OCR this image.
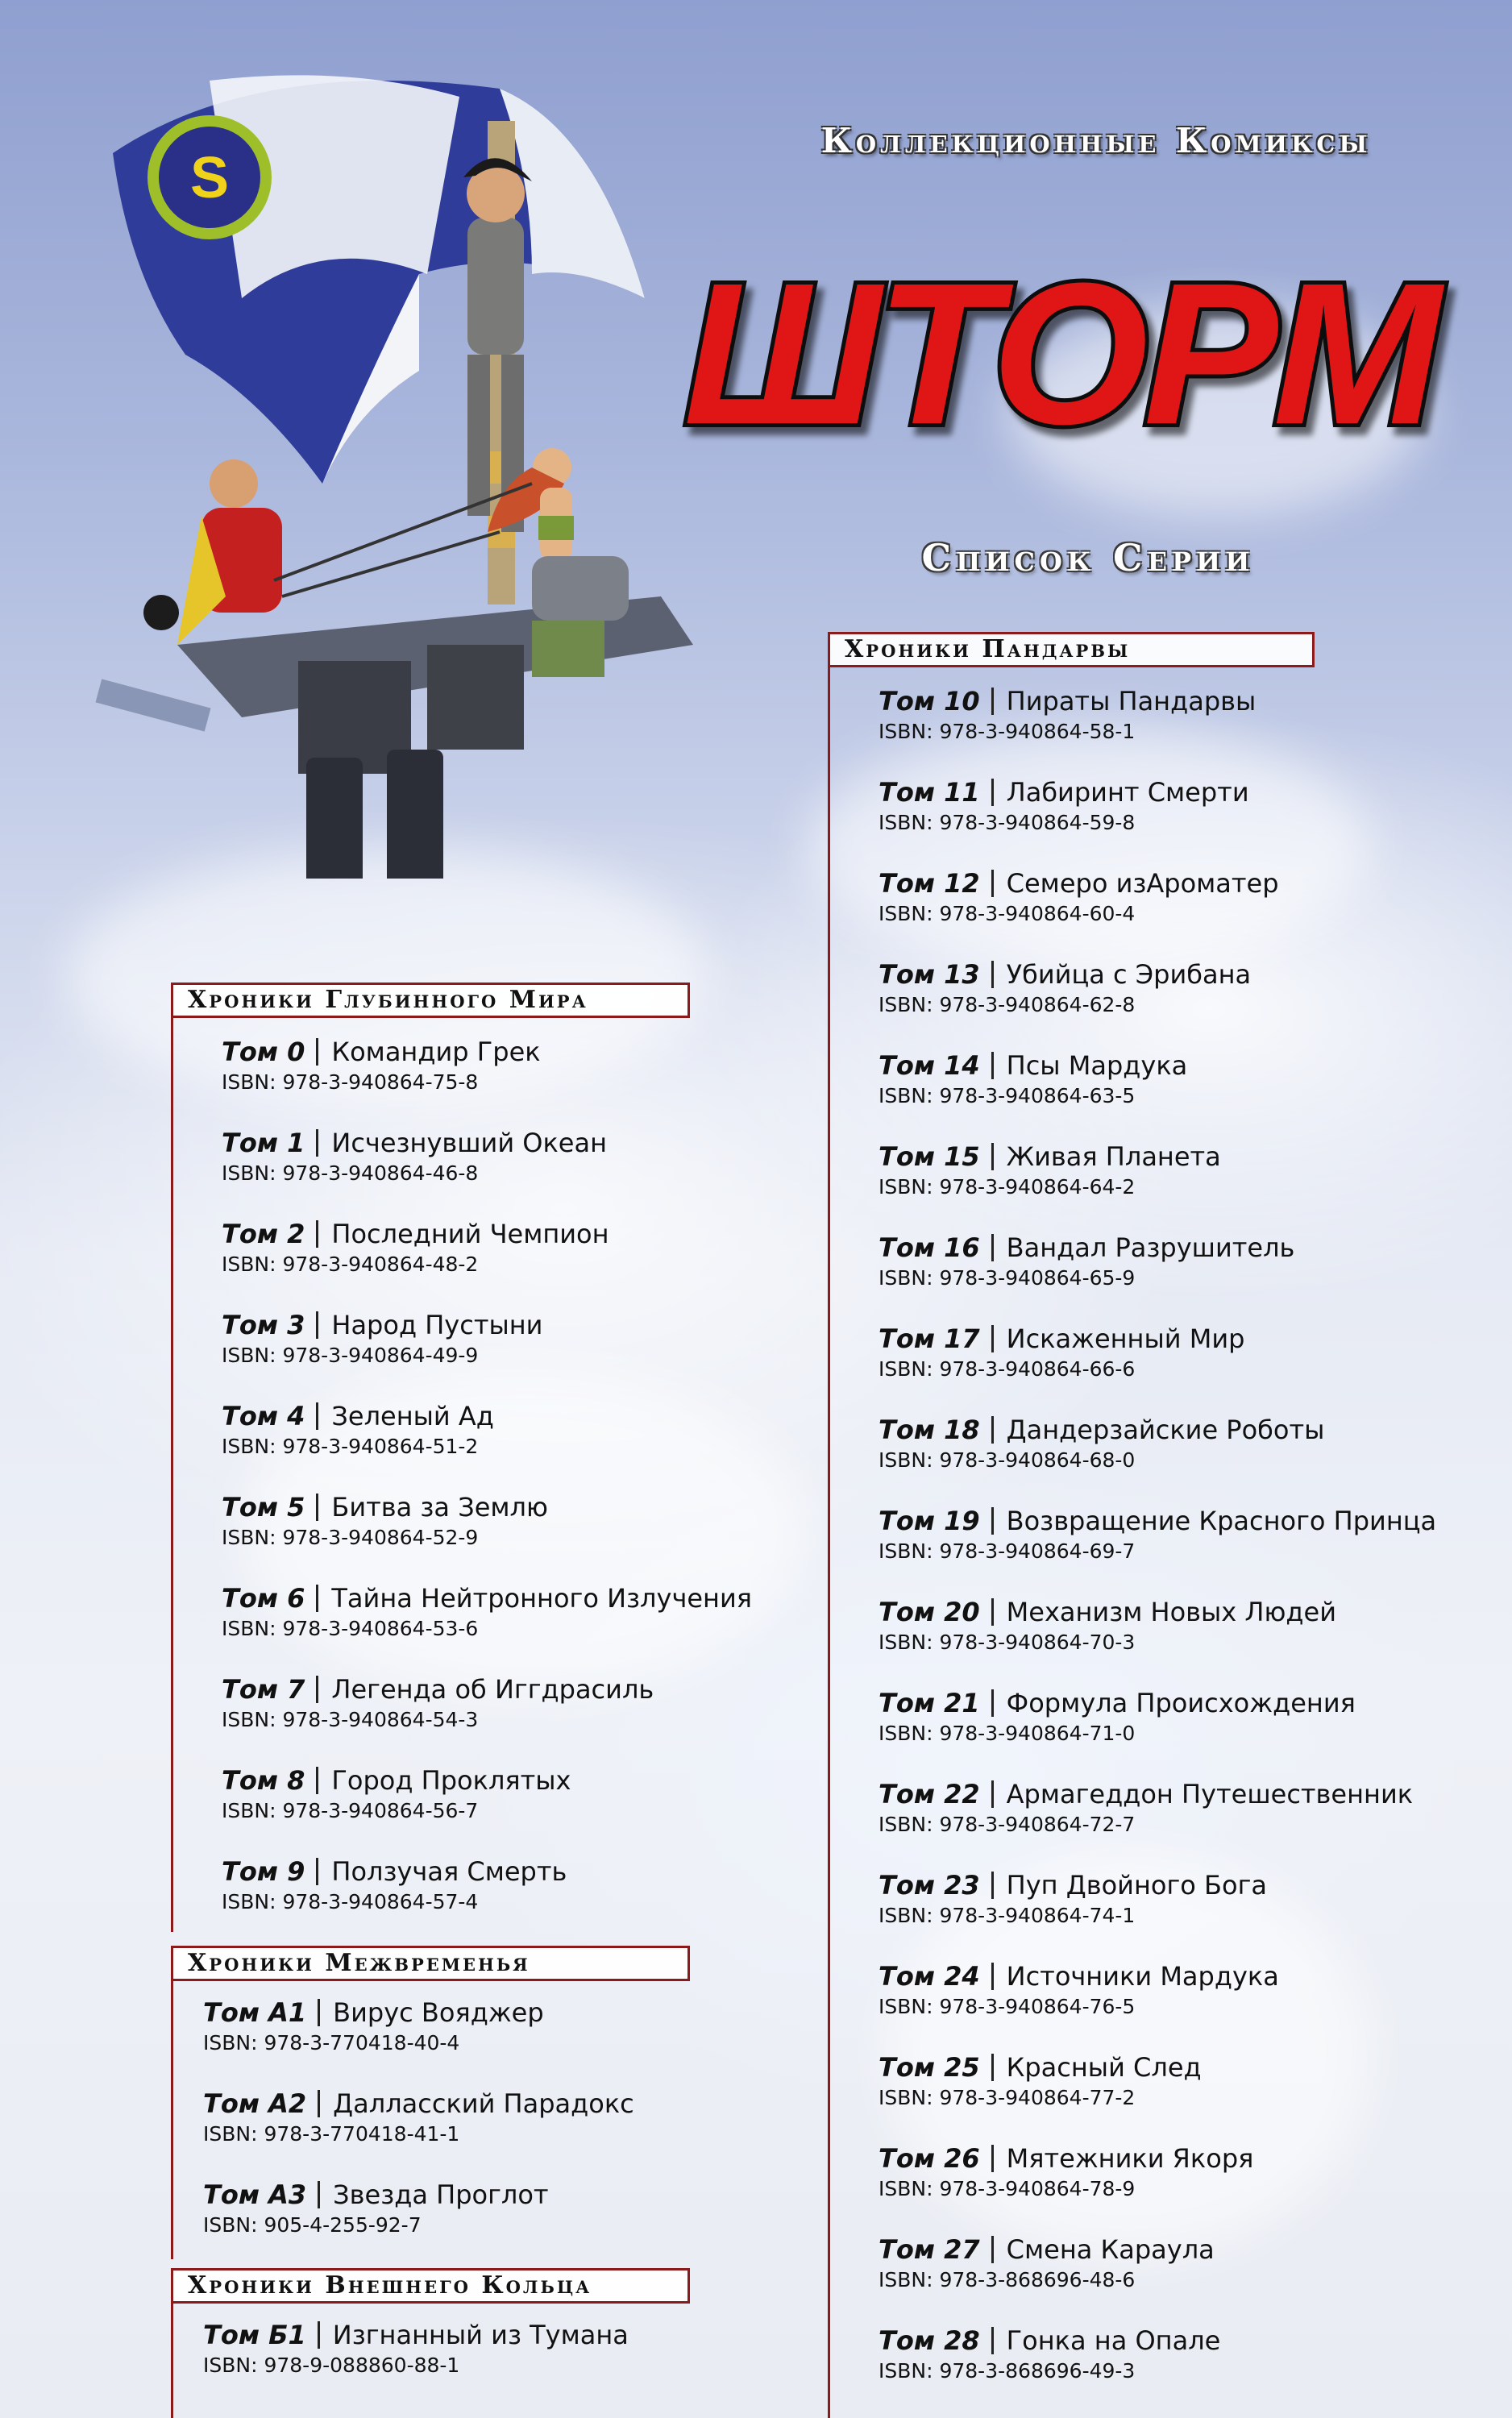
S
Коллекционные Комиксы
ШТОРМ
Список Серии
Хроники Глубинного Мира
Том 0 Командир Грек
ISBN: 978-3-940864-75-8
Том 1 Исчезнувший Океан
ISBN: 978-3-940864-46-8
Том 2 Последний Чемпион
ISBN: 978-3-940864-48-2
Том 3 Народ Пустыни
ISBN: 978-3-940864-49-9
Том 4 Зеленый Ад
ISBN: 978-3-940864-51-2
Том 5 Битва за Землю
ISBN: 978-3-940864-52-9
Том 6 Тайна Нейтронного Излучения
ISBN: 978-3-940864-53-6
Том 7 Легенда об Иггдрасиль
ISBN: 978-3-940864-54-3
Том 8 Город Проклятых
ISBN: 978-3-940864-56-7
Том 9 Ползучая Смерть
ISBN: 978-3-940864-57-4
Хроники Межвременья
Том А1 Вирус Вояджер
ISBN: 978-3-770418-40-4
Том А2 Далласский Парадокс
ISBN: 978-3-770418-41-1
Том А3 Звезда Проглот
ISBN: 905-4-255-92-7
Хроники Внешнего Кольца
Том Б1 Изгнанный из Тумана
ISBN: 978-9-088860-88-1
Хроники Пандарвы
Том 10 Пираты Пандарвы
ISBN: 978-3-940864-58-1
Том 11 Лабиринт Смерти
ISBN: 978-3-940864-59-8
Том 12 Семеро изАроматер
ISBN: 978-3-940864-60-4
Том 13 Убийца с Эрибана
ISBN: 978-3-940864-62-8
Том 14 Псы Мардука
ISBN: 978-3-940864-63-5
Том 15 Живая Планета
ISBN: 978-3-940864-64-2
Том 16 Вандал Разрушитель
ISBN: 978-3-940864-65-9
Том 17 Искаженный Мир
ISBN: 978-3-940864-66-6
Том 18 Дандерзайские Роботы
ISBN: 978-3-940864-68-0
Том 19 Возвращение Красного Принца
ISBN: 978-3-940864-69-7
Том 20 Механизм Новых Людей
ISBN: 978-3-940864-70-3
Том 21 Формула Происхождения
ISBN: 978-3-940864-71-0
Том 22 Армагеддон Путешественник
ISBN: 978-3-940864-72-7
Том 23 Пуп Двойного Бога
ISBN: 978-3-940864-74-1
Том 24 Источники Мардука
ISBN: 978-3-940864-76-5
Том 25 Красный След
ISBN: 978-3-940864-77-2
Том 26 Мятежники Якоря
ISBN: 978-3-940864-78-9
Том 27 Смена Караула
ISBN: 978-3-868696-48-6
Том 28 Гонка на Опале
ISBN: 978-3-868696-49-3
